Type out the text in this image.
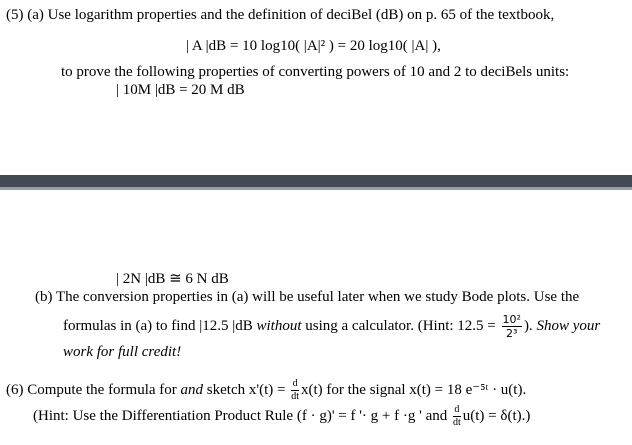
(5) (a) Use logarithm properties and the definition of deciBel (dB) on p. 65 of the textbook,
| A |dB = 10 log10( |A|² ) = 20 log10( |A| ),
to prove the following properties of converting powers of 10 and 2 to deciBels units:
| 10M |dB = 20 M dB
| 2N |dB ≅ 6 N dB
(b) The conversion properties in (a) will be useful later when we study Bode plots. Use the
formulas in (a) to find |12.5 |dB without using a calculator. (Hint: $12.5 = \frac{\text{10²}}{\text{2³}}$ ). Show your
work for full credit!
(6) Compute the formula for and sketch $x'(t) = \frac{d}{dt} x(t)$ for the signal x(t) = 18 e⁻⁵ᵗ · u(t).
(Hint: Use the Differentiation Product Rule (f · g)' = f '· g + f ·g ' and $\frac{d}{dt} u(t) = \delta(t)$.)
